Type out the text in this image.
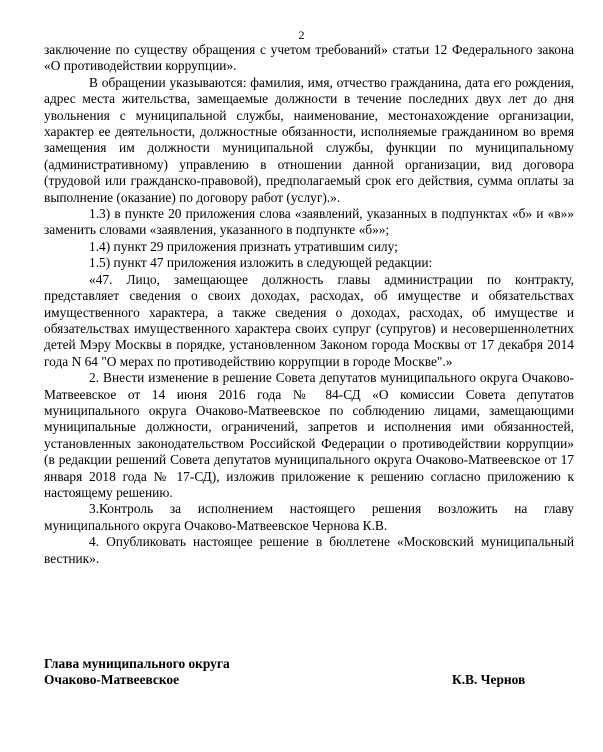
2

заключение по существу обращения с учетом требований» статьи 12 Федерального закона «О противодействии коррупции».

В обращении указываются: фамилия, имя, отчество гражданина, дата его рождения, адрес места жительства, замещаемые должности в течение последних двух лет до дня увольнения с муниципальной службы, наименование, местонахождение организации, характер ее деятельности, должностные обязанности, исполняемые гражданином во время замещения им должности муниципальной службы, функции по муниципальному (административному) управлению в отношении данной организации, вид договора (трудовой или гражданско-правовой), предполагаемый срок его действия, сумма оплаты за выполнение (оказание) по договору работ (услуг).».

1.3) в пункте 20 приложения слова «заявлений, указанных в подпунктах «б» и «в»» заменить словами «заявления, указанного в подпункте «б»»;

1.4) пункт 29 приложения признать утратившим силу;

1.5) пункт 47 приложения изложить в следующей редакции:

«47. Лицо, замещающее должность главы администрации по контракту, представляет сведения о своих доходах, расходах, об имуществе и обязательствах имущественного характера, а также сведения о доходах, расходах, об имуществе и обязательствах имущественного характера своих супруг (супругов) и несовершеннолетних детей Мэру Москвы в порядке, установленном Законом города Москвы от 17 декабря 2014 года N 64 "О мерах по противодействию коррупции в городе Москве".»

2. Внести изменение в решение Совета депутатов муниципального округа Очаково-Матвеевское от 14 июня 2016 года № 84-СД «О комиссии Совета депутатов муниципального округа Очаково-Матвеевское по соблюдению лицами, замещающими муниципальные должности, ограничений, запретов и исполнения ими обязанностей, установленных законодательством Российской Федерации о противодействии коррупции» (в редакции решений Совета депутатов муниципального округа Очаково-Матвеевское от 17 января 2018 года № 17-СД), изложив приложение к решению согласно приложению к настоящему решению.

3.Контроль за исполнением настоящего решения возложить на главу муниципального округа Очаково-Матвеевское Чернова К.В.

4. Опубликовать настоящее решение в бюллетене «Московский муниципальный вестник».

Глава муниципального округа
Очаково-Матвеевское	К.В. Чернов
